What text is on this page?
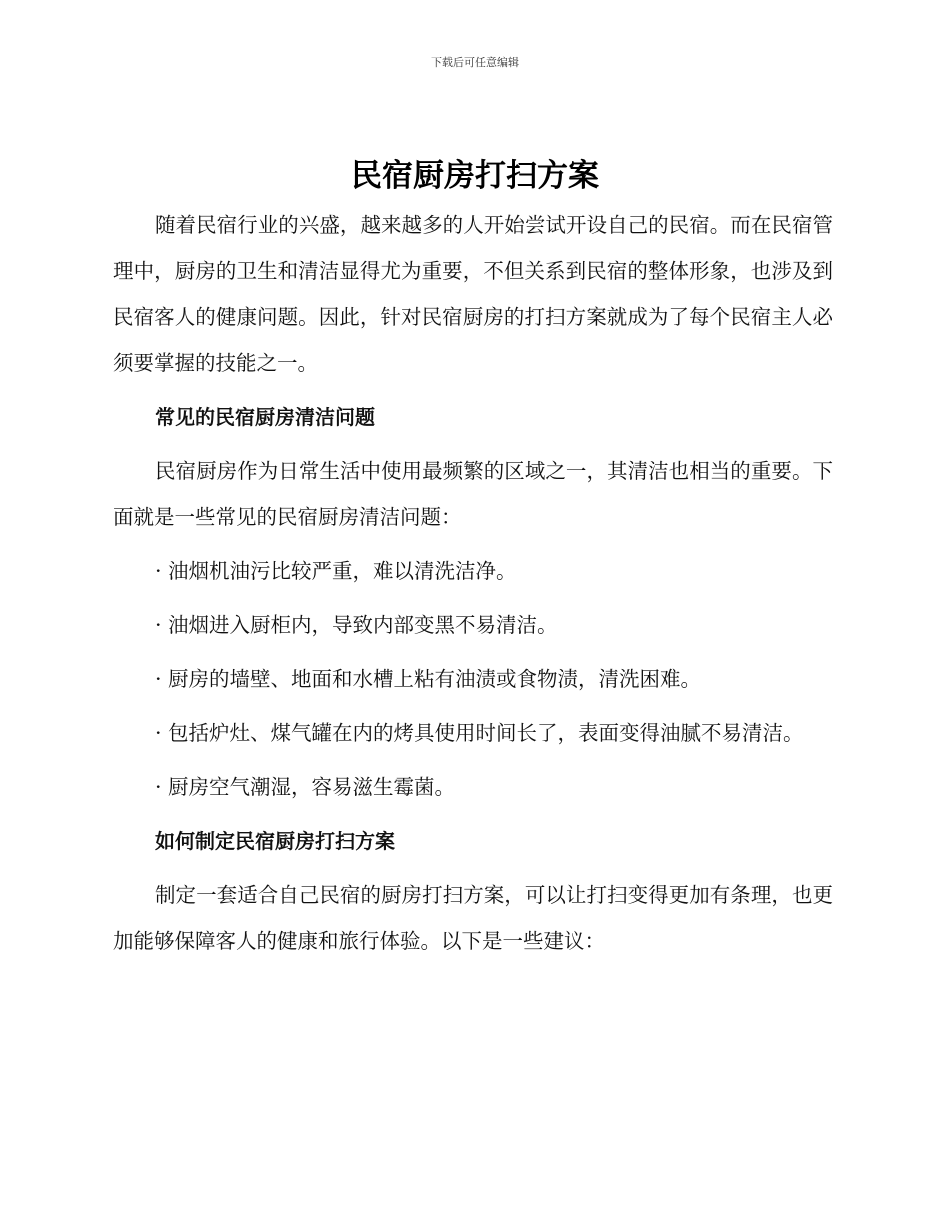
下载后可任意编辑
民宿厨房打扫方案

随着民宿行业的兴盛，越来越多的人开始尝试开设自己的民宿。而在民宿管理中，厨房的卫生和清洁显得尤为重要，不但关系到民宿的整体形象，也涉及到民宿客人的健康问题。因此，针对民宿厨房的打扫方案就成为了每个民宿主人必须要掌握的技能之一。

常见的民宿厨房清洁问题

民宿厨房作为日常生活中使用最频繁的区域之一，其清洁也相当的重要。下面就是一些常见的民宿厨房清洁问题：

· 油烟机油污比较严重，难以清洗洁净。

· 油烟进入厨柜内，导致内部变黑不易清洁。

· 厨房的墙壁、地面和水槽上粘有油渍或食物渍，清洗困难。

· 包括炉灶、煤气罐在内的烤具使用时间长了，表面变得油腻不易清洁。

· 厨房空气潮湿，容易滋生霉菌。

如何制定民宿厨房打扫方案

制定一套适合自己民宿的厨房打扫方案，可以让打扫变得更加有条理，也更加能够保障客人的健康和旅行体验。以下是一些建议：
